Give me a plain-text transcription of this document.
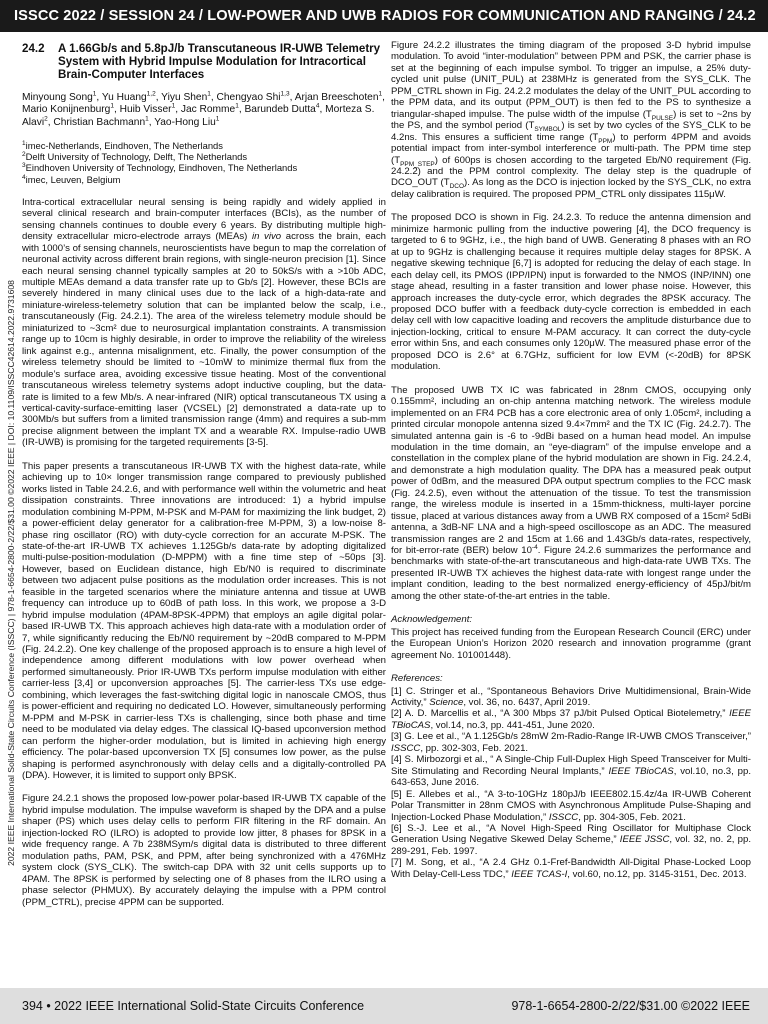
ISSCC 2022 / SESSION 24 / LOW-POWER AND UWB RADIOS FOR COMMUNICATION AND RANGING / 24.2
2022 IEEE International Solid-State Circuits Conference (ISSCC) | 978-1-6654-2800-2/22/$31.00 ©2022 IEEE | DOI: 10.1109/ISSCC42614.2022.9731608
24.2	A 1.66Gb/s and 5.8pJ/b Transcutaneous IR-UWB Telemetry System with Hybrid Impulse Modulation for Intracortical Brain-Computer Interfaces
Minyoung Song$^1$, Yu Huang$^{1,2}$, Yiyu Shen$^1$, Chengyao Shi$^{1,3}$, Arjan Breeschoten$^1$, Mario Konijnenburg$^1$, Huib Visser$^1$, Jac Romme$^1$, Barundeb Dutta$^4$, Morteza S. Alavi$^2$, Christian Bachmann$^1$, Yao-Hong Liu$^1$
$^1$imec-Netherlands, Eindhoven, The Netherlands
$^2$Delft University of Technology, Delft, The Netherlands
$^3$Eindhoven University of Technology, Eindhoven, The Netherlands
$^4$imec, Leuven, Belgium

Intra-cortical extracellular neural sensing is being rapidly and widely applied in several clinical research and brain-computer interfaces (BCIs), as the number of sensing channels continues to double every 6 years. By distributing multiple high-density extracellular micro-electrode arrays (MEAs) in vivo across the brain, each with 1000’s of sensing channels, neuroscientists have begun to map the correlation of neuronal activity across different brain regions, with single-neuron precision [1]. Since each neural sensing channel typically samples at 20 to 50kS/s with a >10b ADC, multiple MEAs demand a data transfer rate up to Gb/s [2]. However, these BCIs are severely hindered in many clinical uses due to the lack of a high-data-rate and miniature-wireless-telemetry solution that can be implanted below the scalp, i.e., transcutaneously (Fig. 24.2.1). The area of the wireless telemetry module should be miniaturized to ~3cm² due to neurosurgical implantation constraints. A transmission range up to 10cm is highly desirable, in order to improve the reliability of the wireless link against e.g., antenna misalignment, etc. Finally, the power consumption of the wireless telemetry should be limited to ~10mW to minimize thermal flux from the module’s surface area, avoiding excessive tissue heating. Most of the conventional transcutaneous wireless telemetry systems adopt inductive coupling, but the data-rate is limited to a few Mb/s. A near-infrared (NIR) optical transcutaneous TX using a vertical-cavity-surface-emitting laser (VCSEL) [2] demonstrated a data-rate up to 300Mb/s but suffers from a limited transmission range (4mm) and requires a sub-mm precise alignment between the implant TX and a wearable RX. Impulse-radio UWB (IR-UWB) is promising for the targeted requirements [3-5].

This paper presents a transcutaneous IR-UWB TX with the highest data-rate, while achieving up to 10× longer transmission range compared to previously published works listed in Table 24.2.6, and with performance well within the volumetric and heat dissipation constraints. Three innovations are introduced: 1) a hybrid impulse modulation combining M-PPM, M-PSK and M-PAM for maximizing the link budget, 2) a power-efficient delay generator for a calibration-free M-PPM, 3) a low-noise 8-phase ring oscillator (RO) with duty-cycle correction for an accurate M-PSK. The state-of-the-art IR-UWB TX achieves 1.125Gb/s data-rate by adopting digitalized multi-pulse-position-modulation (D-MPPM) with a fine time step of ~50ps [3]. However, based on Euclidean distance, high Eb/N0 is required to discriminate between two adjacent pulse positions as the modulation order increases. This is not feasible in the targeted scenarios where the miniature antenna and tissue at UWB frequency can introduce up to 60dB of path loss. In this work, we propose a 3-D hybrid impulse modulation (4PAM-8PSK-4PPM) that employs an agile digital polar-based IR-UWB TX. This approach achieves high data-rate with a modulation order of 7, while significantly reducing the Eb/N0 requirement by ~20dB compared to M-PPM (Fig. 24.2.2). One key challenge of the proposed approach is to ensure a high level of independence among different modulations with low power overhead when performed simultaneously. Prior IR-UWB TXs perform impulse modulation with either carrier-less [3,4] or upconversion approaches [5]. The carrier-less TXs use edge-combining, which leverages the fast-switching digital logic in nanoscale CMOS, thus is power-efficient and requiring no dedicated LO. However, simultaneously performing M-PPM and M-PSK in carrier-less TXs is challenging, since both phase and time need to be modulated via delay edges. The classical IQ-based upconversion method can perform the higher-order modulation, but is limited in achieving high energy efficiency. The polar-based upconversion TX [5] consumes low power, as the pulse shaping is performed asynchronously with delay cells and a digitally-controlled PA (DPA). However, it is limited to support only BPSK.

Figure 24.2.1 shows the proposed low-power polar-based IR-UWB TX capable of the hybrid impulse modulation. The impulse waveform is shaped by the DPA and a pulse shaper (PS) which uses delay cells to perform FIR filtering in the RF domain. An injection-locked RO (ILRO) is adopted to provide low jitter, 8 phases for 8PSK in a wide frequency range. A 7b 238MSym/s digital data is distributed to three different modulation paths, PAM, PSK, and PPM, after being synchronized with a 476MHz system clock (SYS_CLK). The switch-cap DPA with 32 unit cells supports up to 4PAM. The 8PSK is performed by selecting one of 8 phases from the ILRO using a phase selector (PHMUX). By accurately delaying the impulse with a PPM control (PPM_CTRL), precise 4PPM can be supported.

Figure 24.2.2 illustrates the timing diagram of the proposed 3-D hybrid impulse modulation. To avoid “inter-modulation” between PPM and PSK, the carrier phase is set at the beginning of each impulse symbol. To trigger an impulse, a 25% duty-cycled unit pulse (UNIT_PUL) at 238MHz is generated from the SYS_CLK. The PPM_CTRL shown in Fig. 24.2.2 modulates the delay of the UNIT_PUL according to the PPM data, and its output (PPM_OUT) is then fed to the PS to synthesize a triangular-shaped impulse. The pulse width of the impulse $(T_{PULSE})$ is set to ~2ns by the PS, and the symbol period $(T_{SYMBOL})$ is set by two cycles of the SYS_CLK to be 4.2ns. This ensures a sufficient time range $(T_{PPM})$ to perform 4PPM and avoids potential impact from inter-symbol interference or multi-path. The PPM time step $(T_{PPM\_STEP})$ of 600ps is chosen according to the targeted Eb/N0 requirement (Fig. 24.2.2) and the PPM control complexity. The delay step is the quadruple of DCO_OUT $(T_{DCO})$. As long as the DCO is injection locked by the SYS_CLK, no extra delay calibration is required. The proposed PPM_CTRL only dissipates 115μW.

The proposed DCO is shown in Fig. 24.2.3. To reduce the antenna dimension and minimize harmonic pulling from the inductive powering [4], the DCO frequency is targeted to 6 to 9GHz, i.e., the high band of UWB. Generating 8 phases with an RO at up to 9GHz is challenging because it requires multiple delay stages for 8PSK. A negative skewing technique [6,7] is adopted for reducing the delay of each stage. In each delay cell, its PMOS (IPP/IPN) input is forwarded to the NMOS (INP/INN) one stage ahead, resulting in a faster transition and lower phase noise. However, this approach increases the duty-cycle error, which degrades the 8PSK accuracy. The proposed DCO buffer with a feedback duty-cycle correction is embedded in each delay cell with low capacitive loading and recovers the amplitude disturbance due to injection-locking, critical to ensure M-PAM accuracy. It can correct the duty-cycle error within 5ns, and each consumes only 120μW. The measured phase error of the proposed DCO is 2.6° at 6.7GHz, sufficient for low EVM (<-20dB) for 8PSK modulation.

The proposed UWB TX IC was fabricated in 28nm CMOS, occupying only 0.155mm², including an on-chip antenna matching network. The wireless module implemented on an FR4 PCB has a core electronic area of only 1.05cm², including a printed circular monopole antenna sized 9.4×7mm² and the TX IC (Fig. 24.2.7). The simulated antenna gain is -6 to -9dBi based on a human head model. An impulse modulation in the time domain, an “eye-diagram” of the impulse envelope and a constellation in the complex plane of the hybrid modulation are shown in Fig. 24.2.4, and demonstrate a high modulation quality. The DPA has a measured peak output power of 0dBm, and the measured DPA output spectrum complies to the FCC mask (Fig. 24.2.5), even without the attenuation of the tissue. To test the transmission range, the wireless module is inserted in a 15mm-thickness, multi-layer porcine tissue, placed at various distances away from a UWB RX composed of a 15cm² 5dBi antenna, a 3dB-NF LNA and a high-speed oscilloscope as an ADC. The measured transmission ranges are 2 and 15cm at 1.66 and 1.43Gb/s data-rates, respectively, for bit-error-rate (BER) below $10^{-4}$. Figure 24.2.6 summarizes the performance and benchmarks with state-of-the-art transcutaneous and high-data-rate UWB TXs. The presented IR-UWB TX achieves the highest data-rate with longest range under the implant condition, leading to the best normalized energy-efficiency of 45pJ/bit/m among the other state-of-the-art entries in the table.

Acknowledgement:

This project has received funding from the European Research Council (ERC) under the European Union’s Horizon 2020 research and innovation programme (grant agreement No. 101001448).

References:

[1] C. Stringer et al., “Spontaneous Behaviors Drive Multidimensional, Brain-Wide Activity,” Science, vol. 36, no. 6437, April 2019.

[2] A. D. Marcellis et al., “A 300 Mbps 37 pJ/bit Pulsed Optical Biotelemetry,” IEEE TBioCAS, vol.14, no.3, pp. 441-451, June 2020.

[3] G. Lee et al., “A 1.125Gb/s 28mW 2m-Radio-Range IR-UWB CMOS Transceiver,” ISSCC, pp. 302-303, Feb. 2021.

[4] S. Mirbozorgi et al., “ A Single-Chip Full-Duplex High Speed Transceiver for Multi-Site Stimulating and Recording Neural Implants,” IEEE TBioCAS, vol.10, no.3, pp. 643-653, June 2016.

[5] E. Allebes et al., “A 3-to-10GHz 180pJ/b IEEE802.15.4z/4a IR-UWB Coherent Polar Transmitter in 28nm CMOS with Asynchronous Amplitude Pulse-Shaping and Injection-Locked Phase Modulation,” ISSCC, pp. 304-305, Feb. 2021.

[6] S.-J. Lee et al., “A Novel High-Speed Ring Oscillator for Multiphase Clock Generation Using Negative Skewed Delay Scheme,” IEEE JSSC, vol. 32, no. 2, pp. 289-291, Feb. 1997.

[7] M. Song, et al., “A 2.4 GHz 0.1-Fref-Bandwidth All-Digital Phase-Locked Loop With Delay-Cell-Less TDC,” IEEE TCAS-I, vol.60, no.12, pp. 3145-3151, Dec. 2013.

394 • 2022 IEEE International Solid-State Circuits Conference	978-1-6654-2800-2/22/$31.00 ©2022 IEEE
